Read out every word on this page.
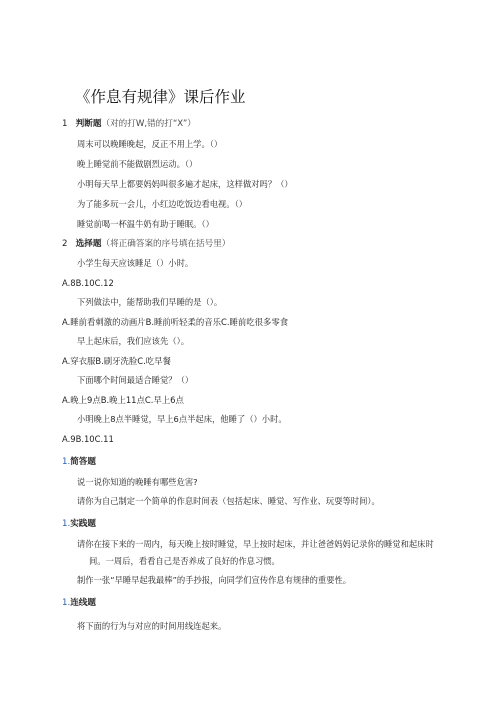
《作息有规律》课后作业
1 判断题（对的打W,错的打“X”）
周末可以晚睡晚起，反正不用上学。（）
晚上睡觉前不能做剧烈运动。（）
小明每天早上都要妈妈叫很多遍才起床，这样做对吗？（）
为了能多玩一会儿，小红边吃饭边看电视。（）
睡觉前喝一杯温牛奶有助于睡眠。（）
2 选择题（将正确答案的序号填在括号里）
小学生每天应该睡足（）小时。
A.8B.10C.12
下列做法中，能帮助我们早睡的是（）。
A.睡前看刺激的动画片B.睡前听轻柔的音乐C.睡前吃很多零食
早上起床后，我们应该先（）。
A.穿衣服B.刷牙洗脸C.吃早餐
下面哪个时间最适合睡觉？（）
A.晚上9点B.晚上11点C.早上6点
小明晚上8点半睡觉，早上6点半起床，他睡了（）小时。
A.9B.10C.11
1.简答题
说一说你知道的晚睡有哪些危害?
请你为自己制定一个简单的作息时间表（包括起床、睡觉、写作业、玩耍等时间）。
1.实践题
请你在接下来的一周内，每天晚上按时睡觉，早上按时起床，并让爸爸妈妈记录你的睡觉和起床时
间。一周后，看看自己是否养成了良好的作息习惯。
制作一张“早睡早起我最棒”的手抄报，向同学们宣传作息有规律的重要性。
1.连线题
将下面的行为与对应的时间用线连起来。
